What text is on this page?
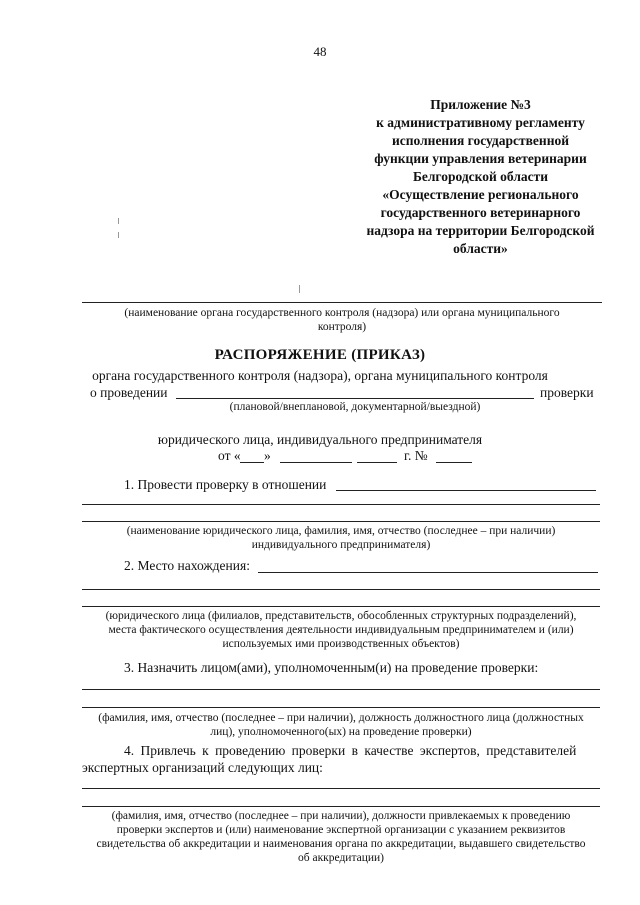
48
Приложение №3
к административному регламенту
исполнения государственной
функции управления ветеринарии
Белгородской области
«Осуществление регионального
государственного ветеринарного
надзора на территории Белгородской
области»
(наименование органа государственного контроля (надзора) или органа муниципального
контроля)
РАСПОРЯЖЕНИЕ (ПРИКАЗ)
органа государственного контроля (надзора), органа муниципального контроля
о проведении	проверки
(плановой/внеплановой, документарной/выездной)
юридического лица, индивидуального предпринимателя
от « »	г. №
1. Провести проверку в отношении
(наименование юридического лица, фамилия, имя, отчество (последнее – при наличии)
индивидуального предпринимателя)
2. Место нахождения:
(юридического лица (филиалов, представительств, обособленных структурных подразделений),
места фактического осуществления деятельности индивидуальным предпринимателем и (или)
используемых ими производственных объектов)
3. Назначить лицом(ами), уполномоченным(и) на проведение проверки:
(фамилия, имя, отчество (последнее – при наличии), должность должностного лица (должностных
лиц), уполномоченного(ых) на проведение проверки)
4. Привлечь к проведению проверки в качестве экспертов, представителей
экспертных организаций следующих лиц:
(фамилия, имя, отчество (последнее – при наличии), должности привлекаемых к проведению
проверки экспертов и (или) наименование экспертной организации с указанием реквизитов
свидетельства об аккредитации и наименования органа по аккредитации, выдавшего свидетельство
об аккредитации)
